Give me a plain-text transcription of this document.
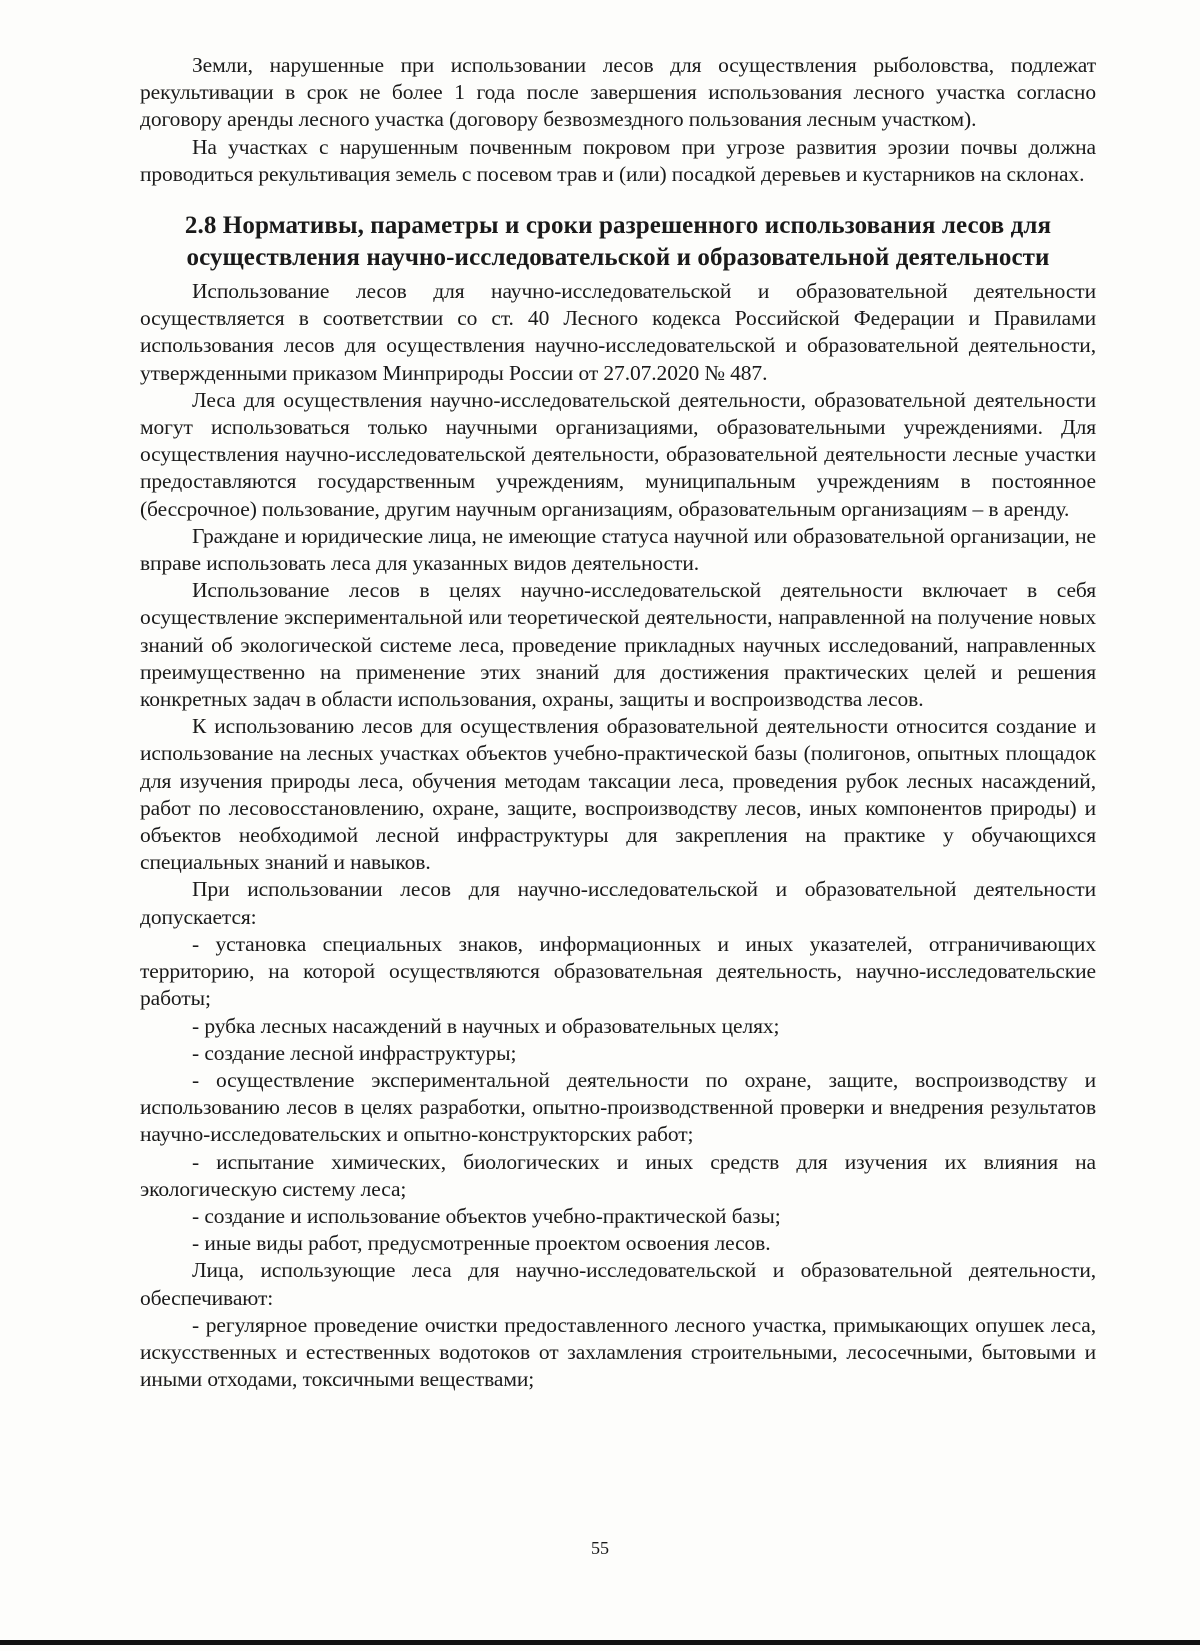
Земли, нарушенные при использовании лесов для осуществления рыболовства, подлежат рекультивации в срок не более 1 года после завершения использования лесного участка согласно договору аренды лесного участка (договору безвозмездного пользования лесным участком).

На участках с нарушенным почвенным покровом при угрозе развития эрозии почвы должна проводиться рекультивация земель с посевом трав и (или) посадкой деревьев и кустарников на склонах.

2.8 Нормативы, параметры и сроки разрешенного использования лесов для осуществления научно-исследовательской и образовательной деятельности

Использование лесов для научно-исследовательской и образовательной деятельности осуществляется в соответствии со ст. 40 Лесного кодекса Российской Федерации и Правилами использования лесов для осуществления научно-исследовательской и образовательной деятельности, утвержденными приказом Минприроды России от 27.07.2020 № 487.

Леса для осуществления научно-исследовательской деятельности, образовательной деятельности могут использоваться только научными организациями, образовательными учреждениями. Для осуществления научно-исследовательской деятельности, образовательной деятельности лесные участки предоставляются государственным учреждениям, муниципальным учреждениям в постоянное (бессрочное) пользование, другим научным организациям, образовательным организациям – в аренду.

Граждане и юридические лица, не имеющие статуса научной или образовательной организации, не вправе использовать леса для указанных видов деятельности.

Использование лесов в целях научно-исследовательской деятельности включает в себя осуществление экспериментальной или теоретической деятельности, направленной на получение новых знаний об экологической системе леса, проведение прикладных научных исследований, направленных преимущественно на применение этих знаний для достижения практических целей и решения конкретных задач в области использования, охраны, защиты и воспроизводства лесов.

К использованию лесов для осуществления образовательной деятельности относится создание и использование на лесных участках объектов учебно-практической базы (полигонов, опытных площадок для изучения природы леса, обучения методам таксации леса, проведения рубок лесных насаждений, работ по лесовосстановлению, охране, защите, воспроизводству лесов, иных компонентов природы) и объектов необходимой лесной инфраструктуры для закрепления на практике у обучающихся специальных знаний и навыков.

При использовании лесов для научно-исследовательской и образовательной деятельности допускается:

- установка специальных знаков, информационных и иных указателей, отграничивающих территорию, на которой осуществляются образовательная деятельность, научно-исследовательские работы;

- рубка лесных насаждений в научных и образовательных целях;

- создание лесной инфраструктуры;

- осуществление экспериментальной деятельности по охране, защите, воспроизводству и использованию лесов в целях разработки, опытно-производственной проверки и внедрения результатов научно-исследовательских и опытно-конструкторских работ;

- испытание химических, биологических и иных средств для изучения их влияния на экологическую систему леса;

- создание и использование объектов учебно-практической базы;

- иные виды работ, предусмотренные проектом освоения лесов.

Лица, использующие леса для научно-исследовательской и образовательной деятельности, обеспечивают:

- регулярное проведение очистки предоставленного лесного участка, примыкающих опушек леса, искусственных и естественных водотоков от захламления строительными, лесосечными, бытовыми и иными отходами, токсичными веществами;

55
